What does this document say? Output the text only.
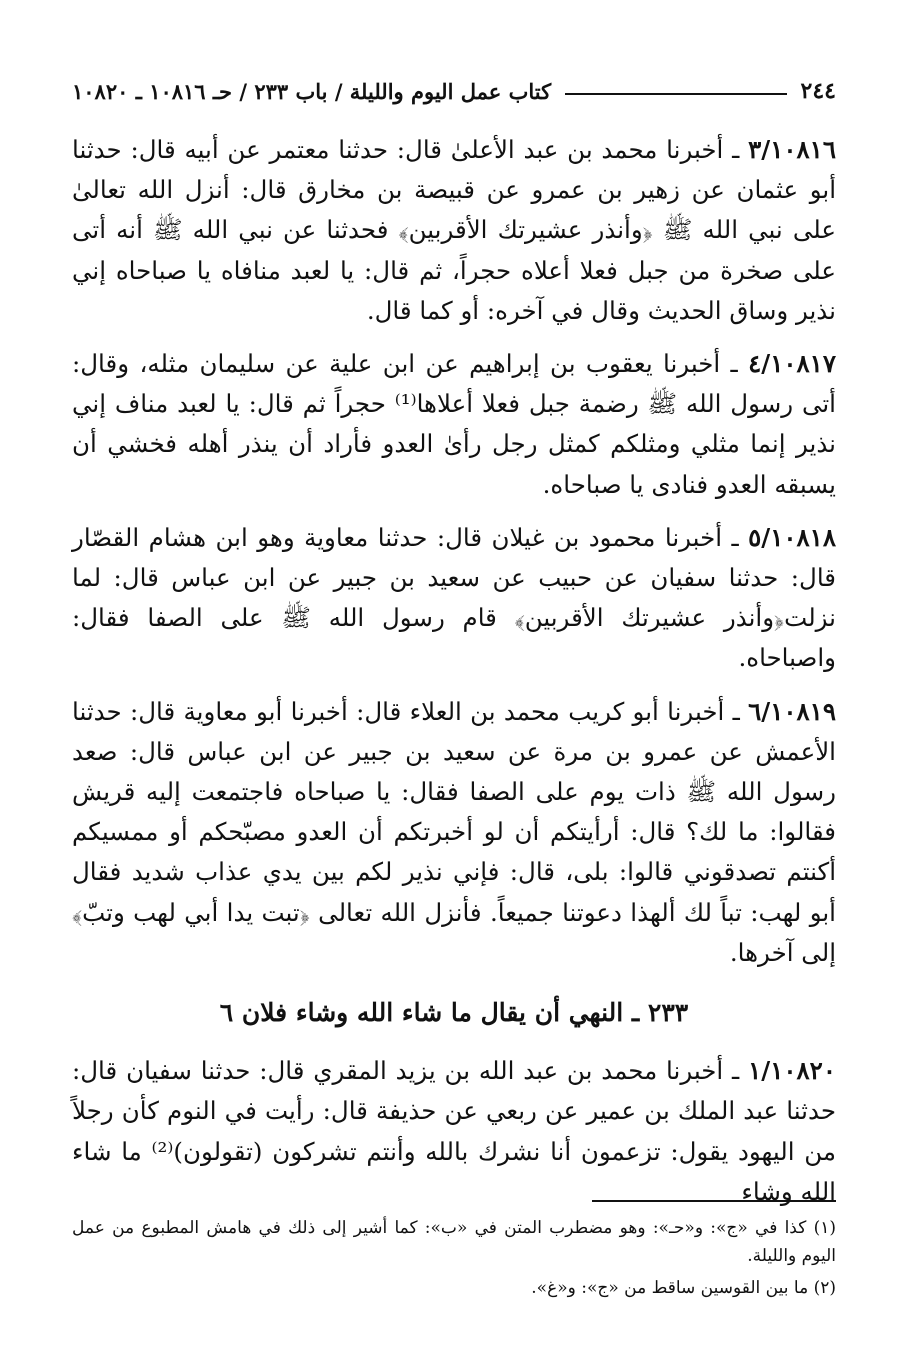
٢٤٤
كتاب عمل اليوم والليلة / باب ٢٣٣ / حـ ١٠٨١٦ ـ ١٠٨٢٠

٣/١٠٨١٦ ـ أخبرنا محمد بن عبد الأعلىٰ قال: حدثنا معتمر عن أبيه قال: حدثنا أبو عثمان عن زهير بن عمرو عن قبيصة بن مخارق قال: أنزل الله تعالىٰ على نبي الله ﷺ ﴿وأنذر عشيرتك الأقربين﴾ فحدثنا عن نبي الله ﷺ أنه أتى على صخرة من جبل فعلا أعلاه حجراً، ثم قال: يا لعبد منافاه يا صباحاه إني نذير وساق الحديث وقال في آخره: أو كما قال.

٤/١٠٨١٧ ـ أخبرنا يعقوب بن إبراهيم عن ابن علية عن سليمان مثله، وقال: أتى رسول الله ﷺ رضمة جبل فعلا أعلاها⁽¹⁾ حجراً ثم قال: يا لعبد مناف إني نذير إنما مثلي ومثلكم كمثل رجل رأىٰ العدو فأراد أن ينذر أهله فخشي أن يسبقه العدو فنادى يا صباحاه.

٥/١٠٨١٨ ـ أخبرنا محمود بن غيلان قال: حدثنا معاوية وهو ابن هشام القصّار قال: حدثنا سفيان عن حبيب عن سعيد بن جبير عن ابن عباس قال: لما نزلت﴿وأنذر عشيرتك الأقربين﴾ قام رسول الله ﷺ على الصفا فقال: واصباحاه.

٦/١٠٨١٩ ـ أخبرنا أبو كريب محمد بن العلاء قال: أخبرنا أبو معاوية قال: حدثنا الأعمش عن عمرو بن مرة عن سعيد بن جبير عن ابن عباس قال: صعد رسول الله ﷺ ذات يوم على الصفا فقال: يا صباحاه فاجتمعت إليه قريش فقالوا: ما لك؟ قال: أرأيتكم أن لو أخبرتكم أن العدو مصبّحكم أو ممسيكم أكنتم تصدقوني قالوا: بلى، قال: فإني نذير لكم بين يدي عذاب شديد فقال أبو لهب: تباً لك ألهذا دعوتنا جميعاً. فأنزل الله تعالى ﴿تبت يدا أبي لهب وتبّ﴾ إلى آخرها.

٢٣٣ ـ النهي أن يقال ما شاء الله وشاء فلان ٦

١/١٠٨٢٠ ـ أخبرنا محمد بن عبد الله بن يزيد المقري قال: حدثنا سفيان قال: حدثنا عبد الملك بن عمير عن ربعي عن حذيفة قال: رأيت في النوم كأن رجلاً من اليهود يقول: تزعمون أنا نشرك بالله وأنتم تشركون (تقولون)⁽²⁾ ما شاء الله وشاء

(١) كذا في «ج»: و«حـ»: وهو مضطرب المتن في «ب»: كما أشير إلى ذلك في هامش المطبوع من عمل اليوم والليلة.

(٢) ما بين القوسين ساقط من «ج»: و«غ».
